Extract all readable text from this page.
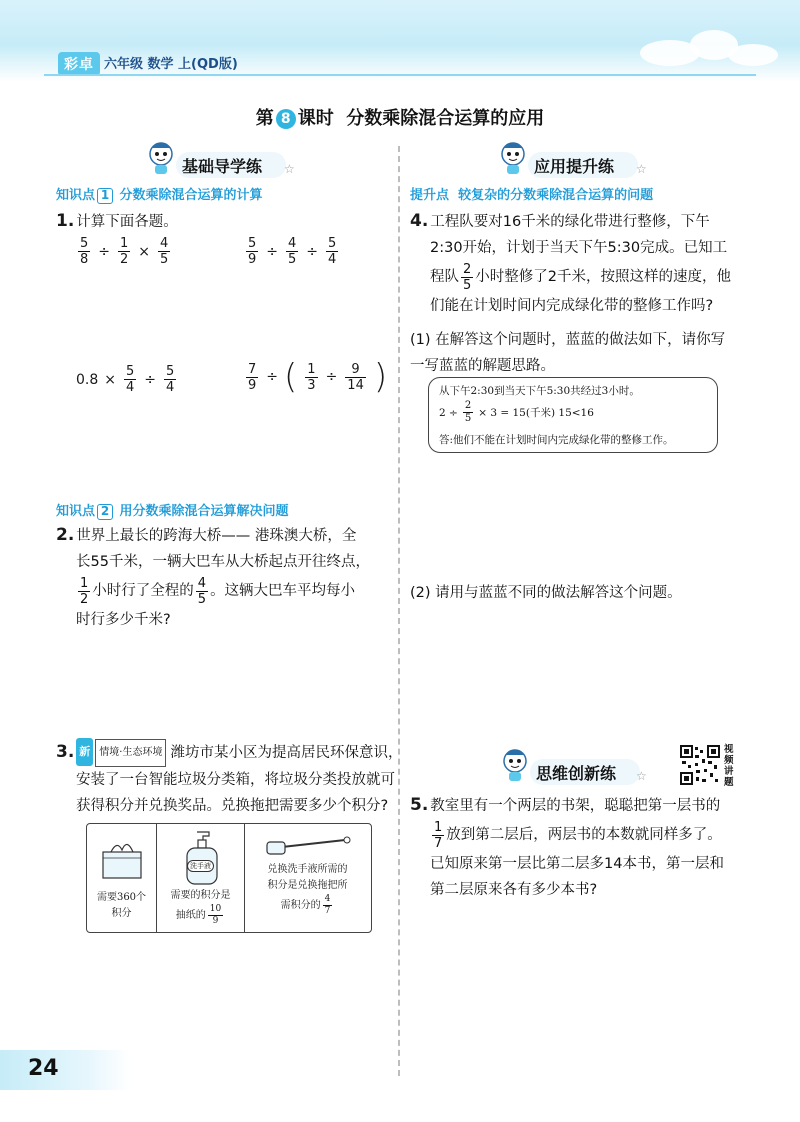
彩卓 六年级 数学 上(QD版)
第 8 课时 分数乘除混合运算的应用
基础导学练 ☆
知识点 1 分数乘除混合运算的计算
1. 计算下面各题。
$\frac{5}{8} \div \frac{1}{2} \times \frac{4}{5}$	$\frac{5}{9} \div \frac{4}{5} \div \frac{5}{4}$
$0.8 \times \frac{5}{4} \div \frac{5}{4}$	$\frac{7}{9}$ ÷ ( $\frac{1}{3} \div \frac{9}{14}$ )
知识点 2 用分数乘除混合运算解决问题
2. 世界上最长的跨海大桥—— 港珠澳大桥，全
长55千米，一辆大巴车从大桥起点开往终点，
$\frac{1}{2}$ 小时行了全程的 $\frac{4}{5}$ 。这辆大巴车平均每小
时行多少千米?
3. 新 情境·生态环境 潍坊市某小区为提高居民环保意识，
安装了一台智能垃圾分类箱，将垃圾分类投放就可
获得积分并兑换奖品。兑换拖把需要多少个积分?
需要360个
积分
洗手液
需要的积分是
抽纸的 $\frac{10}{9}$
兑换洗手液所需的
积分是兑换拖把所
需积分的 $\frac{4}{7}$
应用提升练 ☆
提升点 较复杂的分数乘除混合运算的问题
4. 工程队要对16千米的绿化带进行整修，下午
2:30开始，计划于当天下午5:30完成。已知工
程队 $\frac{2}{5}$ 小时整修了2千米，按照这样的速度，他
们能在计划时间内完成绿化带的整修工作吗?
(1) 在解答这个问题时，蓝蓝的做法如下，请你写
一写蓝蓝的解题思路。
从下午2:30到当天下午5:30共经过3小时。
$2 \div \frac{2}{5} \times 3 = 15$(千米) 15<16
答:他们不能在计划时间内完成绿化带的整修工作。
(2) 请用与蓝蓝不同的做法解答这个问题。
思维创新练 ☆
视频讲题
5. 教室里有一个两层的书架，聪聪把第一层书的
$\frac{1}{7}$ 放到第二层后，两层书的本数就同样多了。
已知原来第一层比第二层多14本书，第一层和
第二层原来各有多少本书?
24
